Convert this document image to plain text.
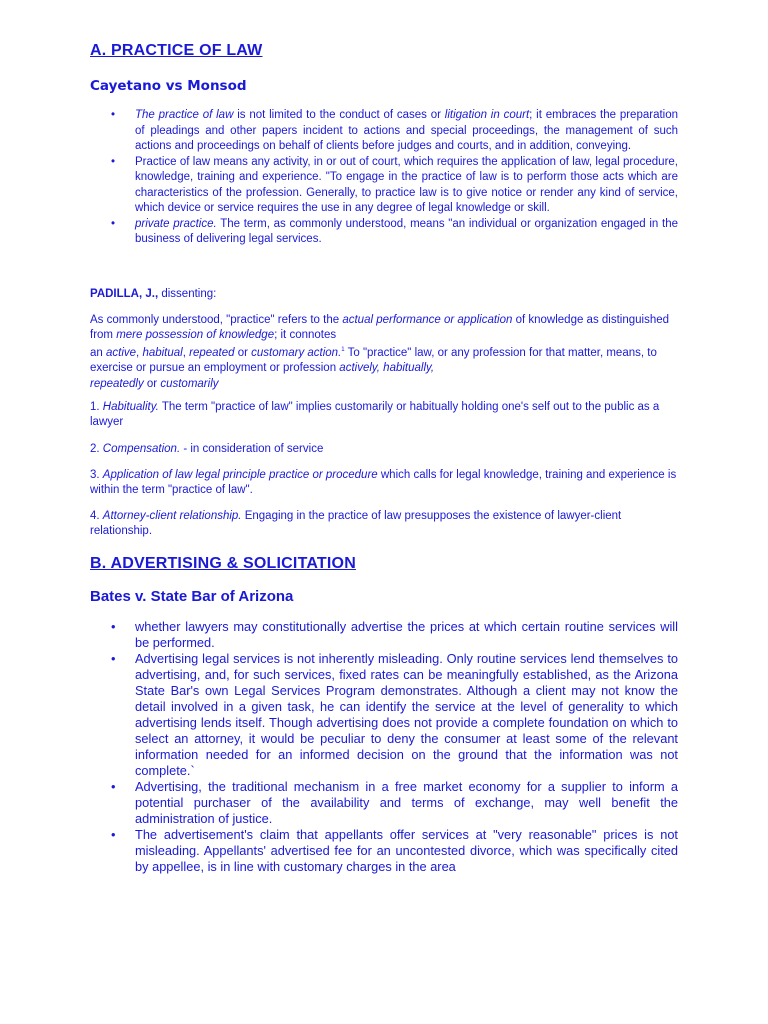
A. PRACTICE OF LAW
Cayetano vs Monsod
• The practice of law is not limited to the conduct of cases or litigation in court; it embraces the preparation of pleadings and other papers incident to actions and special proceedings, the management of such actions and proceedings on behalf of clients before judges and courts, and in addition, conveying.
• Practice of law means any activity, in or out of court, which requires the application of law, legal procedure, knowledge, training and experience. "To engage in the practice of law is to perform those acts which are characteristics of the profession. Generally, to practice law is to give notice or render any kind of service, which device or service requires the use in any degree of legal knowledge or skill.
• private practice. The term, as commonly understood, means "an individual or organization engaged in the business of delivering legal services.

PADILLA, J., dissenting:

As commonly understood, "practice" refers to the actual performance or application of knowledge as distinguished from mere possession of knowledge; it connotes
an active, habitual, repeated or customary action.$^1$ To "practice" law, or any profession for that matter, means, to exercise or pursue an employment or profession actively, habitually,
repeatedly or customarily

1. Habituality. The term "practice of law" implies customarily or habitually holding one's self out to the public as a lawyer

2. Compensation. - in consideration of service

3. Application of law legal principle practice or procedure which calls for legal knowledge, training and experience is within the term "practice of law".

4. Attorney-client relationship. Engaging in the practice of law presupposes the existence of lawyer-client relationship.

B. ADVERTISING & SOLICITATION
Bates v. State Bar of Arizona
• whether lawyers may constitutionally advertise the prices at which certain routine services will be performed.
• Advertising legal services is not inherently misleading. Only routine services lend themselves to advertising, and, for such services, fixed rates can be meaningfully established, as the Arizona State Bar's own Legal Services Program demonstrates. Although a client may not know the detail involved in a given task, he can identify the service at the level of generality to which advertising lends itself. Though advertising does not provide a complete foundation on which to select an attorney, it would be peculiar to deny the consumer at least some of the relevant information needed for an informed decision on the ground that the information was not complete.`
• Advertising, the traditional mechanism in a free market economy for a supplier to inform a potential purchaser of the availability and terms of exchange, may well benefit the administration of justice.
• The advertisement's claim that appellants offer services at "very reasonable" prices is not misleading. Appellants' advertised fee for an uncontested divorce, which was specifically cited by appellee, is in line with customary charges in the area
